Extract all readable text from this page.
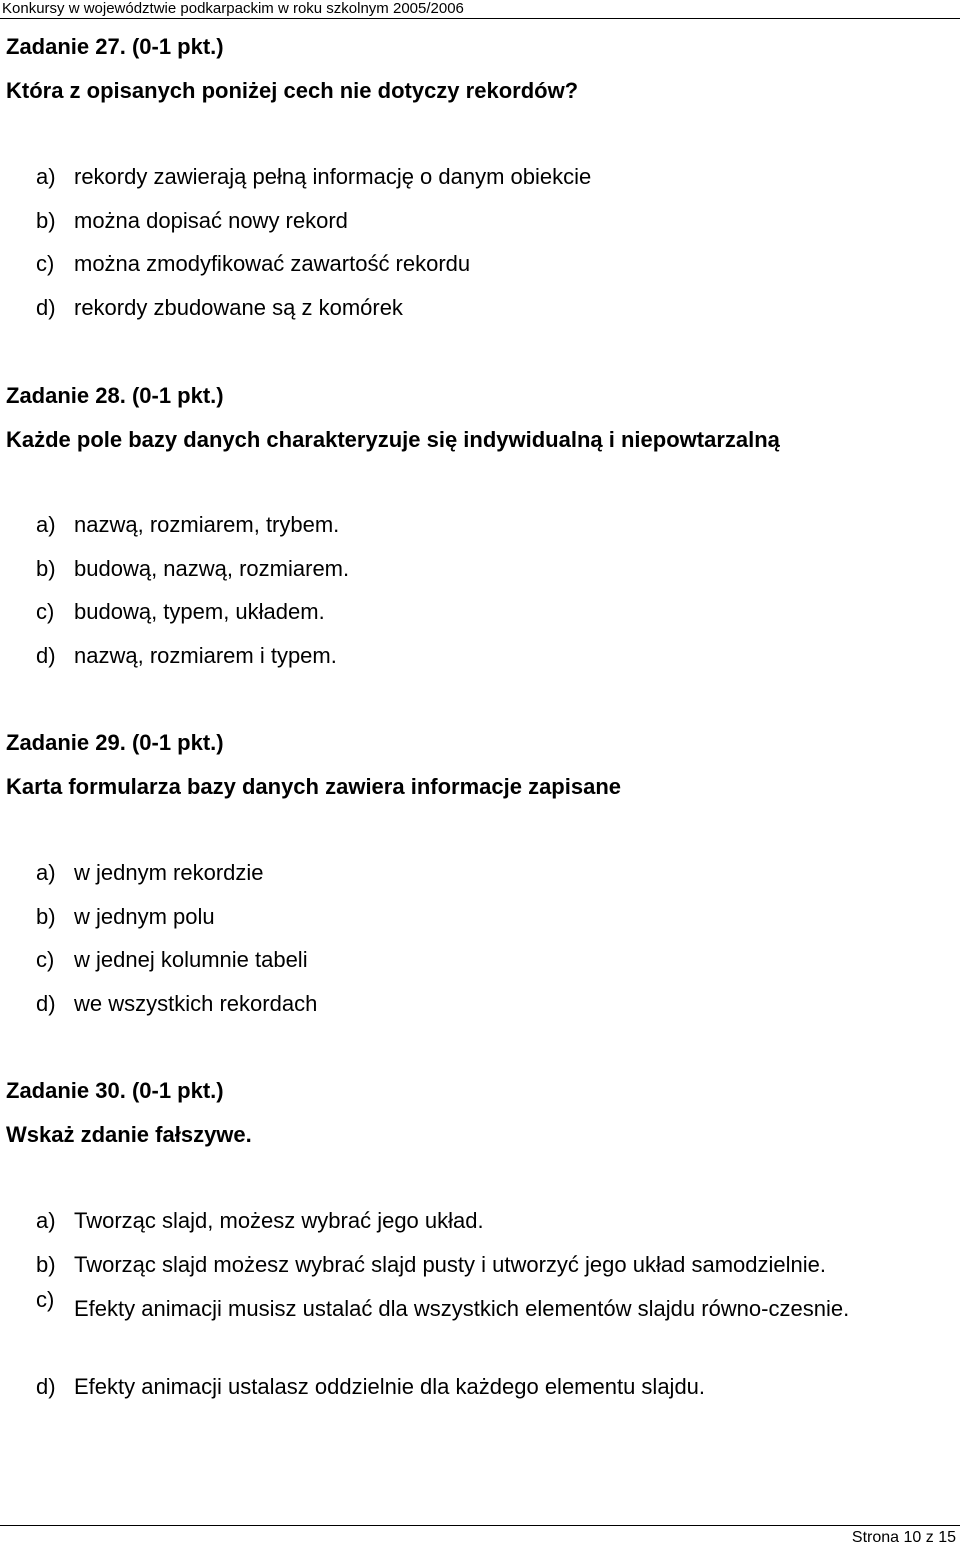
Konkursy w województwie podkarpackim w roku szkolnym 2005/2006
Zadanie 27. (0-1 pkt.)
Która z opisanych poniżej cech nie dotyczy rekordów?
a) rekordy zawierają pełną informację o danym obiekcie
b) można dopisać nowy rekord
c) można zmodyfikować zawartość rekordu
d) rekordy zbudowane są z komórek
Zadanie 28. (0-1 pkt.)
Każde pole bazy danych charakteryzuje się indywidualną i niepowtarzalną
a) nazwą, rozmiarem, trybem.
b) budową, nazwą, rozmiarem.
c) budową, typem, układem.
d) nazwą, rozmiarem i typem.
Zadanie 29. (0-1 pkt.)
Karta formularza bazy danych zawiera informacje zapisane
a) w jednym rekordzie
b) w jednym polu
c) w jednej kolumnie tabeli
d) we wszystkich rekordach
Zadanie 30. (0-1 pkt.)
Wskaż zdanie fałszywe.
a) Tworząc slajd, możesz wybrać jego układ.
b) Tworząc slajd możesz wybrać slajd pusty i utworzyć jego układ samodzielnie.
c) Efekty animacji musisz ustalać dla wszystkich elementów slajdu równo-czesnie.
d) Efekty animacji ustalasz oddzielnie dla każdego elementu slajdu.
Strona 10 z 15
